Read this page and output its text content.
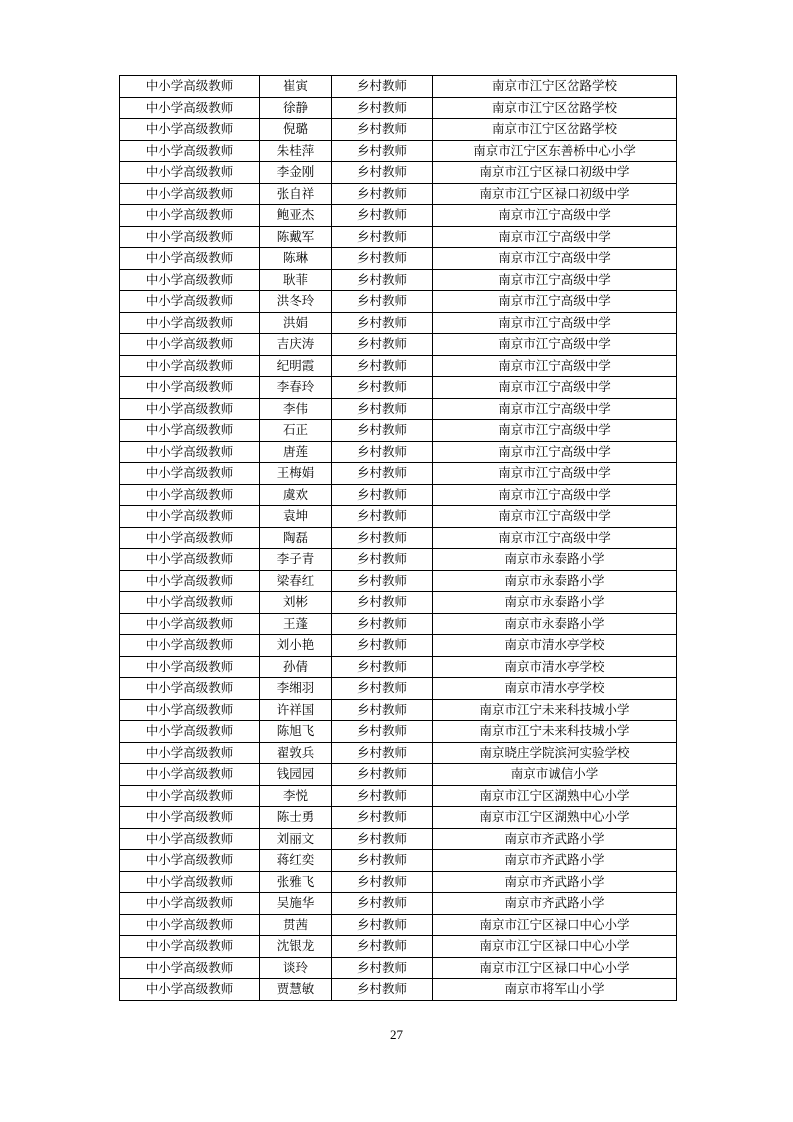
中小学高级教师	崔寅	乡村教师	南京市江宁区岔路学校
中小学高级教师	徐静	乡村教师	南京市江宁区岔路学校
中小学高级教师	倪璐	乡村教师	南京市江宁区岔路学校
中小学高级教师	朱桂萍	乡村教师	南京市江宁区东善桥中心小学
中小学高级教师	李金刚	乡村教师	南京市江宁区禄口初级中学
中小学高级教师	张自祥	乡村教师	南京市江宁区禄口初级中学
中小学高级教师	鲍亚杰	乡村教师	南京市江宁高级中学
中小学高级教师	陈戴军	乡村教师	南京市江宁高级中学
中小学高级教师	陈琳	乡村教师	南京市江宁高级中学
中小学高级教师	耿菲	乡村教师	南京市江宁高级中学
中小学高级教师	洪冬玲	乡村教师	南京市江宁高级中学
中小学高级教师	洪娟	乡村教师	南京市江宁高级中学
中小学高级教师	吉庆涛	乡村教师	南京市江宁高级中学
中小学高级教师	纪明霞	乡村教师	南京市江宁高级中学
中小学高级教师	李春玲	乡村教师	南京市江宁高级中学
中小学高级教师	李伟	乡村教师	南京市江宁高级中学
中小学高级教师	石正	乡村教师	南京市江宁高级中学
中小学高级教师	唐莲	乡村教师	南京市江宁高级中学
中小学高级教师	王梅娟	乡村教师	南京市江宁高级中学
中小学高级教师	虞欢	乡村教师	南京市江宁高级中学
中小学高级教师	袁坤	乡村教师	南京市江宁高级中学
中小学高级教师	陶磊	乡村教师	南京市江宁高级中学
中小学高级教师	李子青	乡村教师	南京市永泰路小学
中小学高级教师	梁春红	乡村教师	南京市永泰路小学
中小学高级教师	刘彬	乡村教师	南京市永泰路小学
中小学高级教师	王蓬	乡村教师	南京市永泰路小学
中小学高级教师	刘小艳	乡村教师	南京市清水亭学校
中小学高级教师	孙倩	乡村教师	南京市清水亭学校
中小学高级教师	李缃羽	乡村教师	南京市清水亭学校
中小学高级教师	许祥国	乡村教师	南京市江宁未来科技城小学
中小学高级教师	陈旭飞	乡村教师	南京市江宁未来科技城小学
中小学高级教师	翟敦兵	乡村教师	南京晓庄学院滨河实验学校
中小学高级教师	钱园园	乡村教师	南京市诚信小学
中小学高级教师	李悦	乡村教师	南京市江宁区湖熟中心小学
中小学高级教师	陈士勇	乡村教师	南京市江宁区湖熟中心小学
中小学高级教师	刘丽文	乡村教师	南京市齐武路小学
中小学高级教师	蒋红奕	乡村教师	南京市齐武路小学
中小学高级教师	张雅飞	乡村教师	南京市齐武路小学
中小学高级教师	吴施华	乡村教师	南京市齐武路小学
中小学高级教师	贯茜	乡村教师	南京市江宁区禄口中心小学
中小学高级教师	沈银龙	乡村教师	南京市江宁区禄口中心小学
中小学高级教师	谈玲	乡村教师	南京市江宁区禄口中心小学
中小学高级教师	贾慧敏	乡村教师	南京市将军山小学
27
